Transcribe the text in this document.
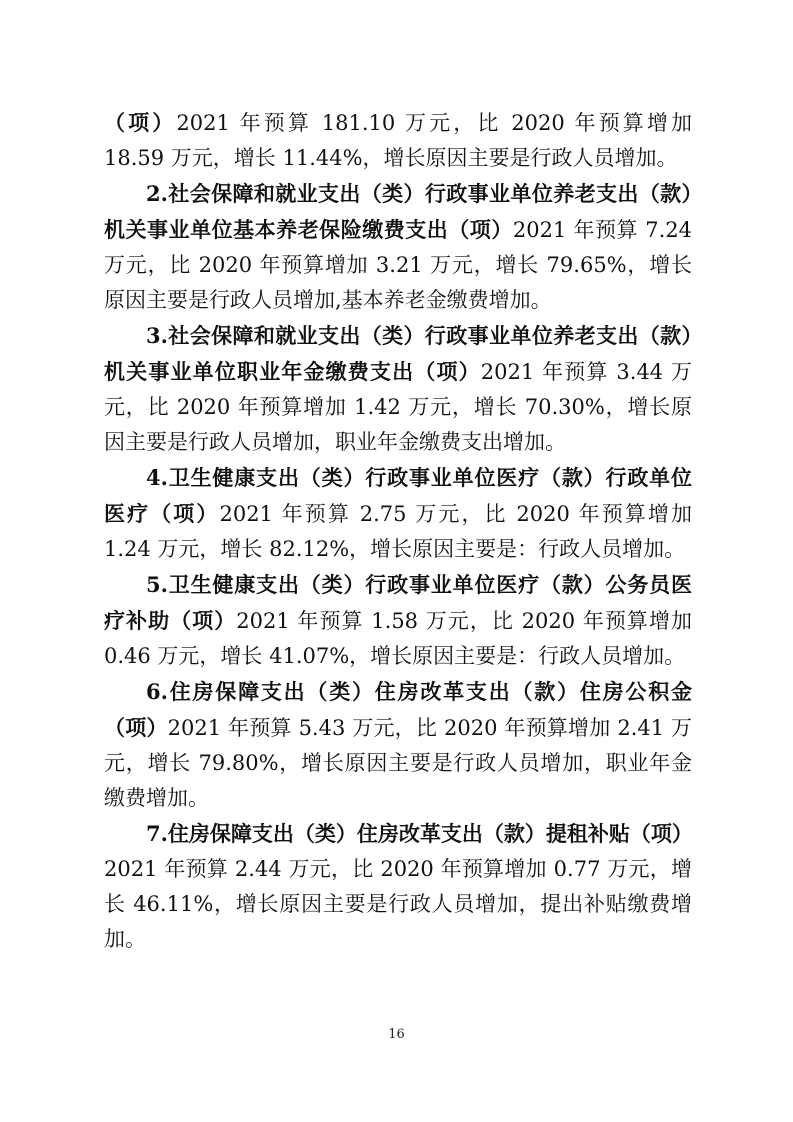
（项）2021 年预算 181.10 万元，比 2020 年预算增加 18.59 万元，增长 11.44%，增长原因主要是行政人员增加。

2.社会保障和就业支出（类）行政事业单位养老支出（款）机关事业单位基本养老保险缴费支出（项）2021 年预算 7.24 万元，比 2020 年预算增加 3.21 万元，增长 79.65%，增长原因主要是行政人员增加,基本养老金缴费增加。

3.社会保障和就业支出（类）行政事业单位养老支出（款）机关事业单位职业年金缴费支出（项）2021 年预算 3.44 万元，比 2020 年预算增加 1.42 万元，增长 70.30%，增长原因主要是行政人员增加，职业年金缴费支出增加。

4.卫生健康支出（类）行政事业单位医疗（款）行政单位医疗（项）2021 年预算 2.75 万元，比 2020 年预算增加 1.24 万元，增长 82.12%，增长原因主要是：行政人员增加。

5.卫生健康支出（类）行政事业单位医疗（款）公务员医疗补助（项）2021 年预算 1.58 万元，比 2020 年预算增加 0.46 万元，增长 41.07%，增长原因主要是：行政人员增加。

6.住房保障支出（类）住房改革支出（款）住房公积金（项）2021 年预算 5.43 万元，比 2020 年预算增加 2.41 万元，增长 79.80%，增长原因主要是行政人员增加，职业年金缴费增加。

7.住房保障支出（类）住房改革支出（款）提租补贴（项）2021 年预算 2.44 万元，比 2020 年预算增加 0.77 万元，增长 46.11%，增长原因主要是行政人员增加，提出补贴缴费增加。

16
